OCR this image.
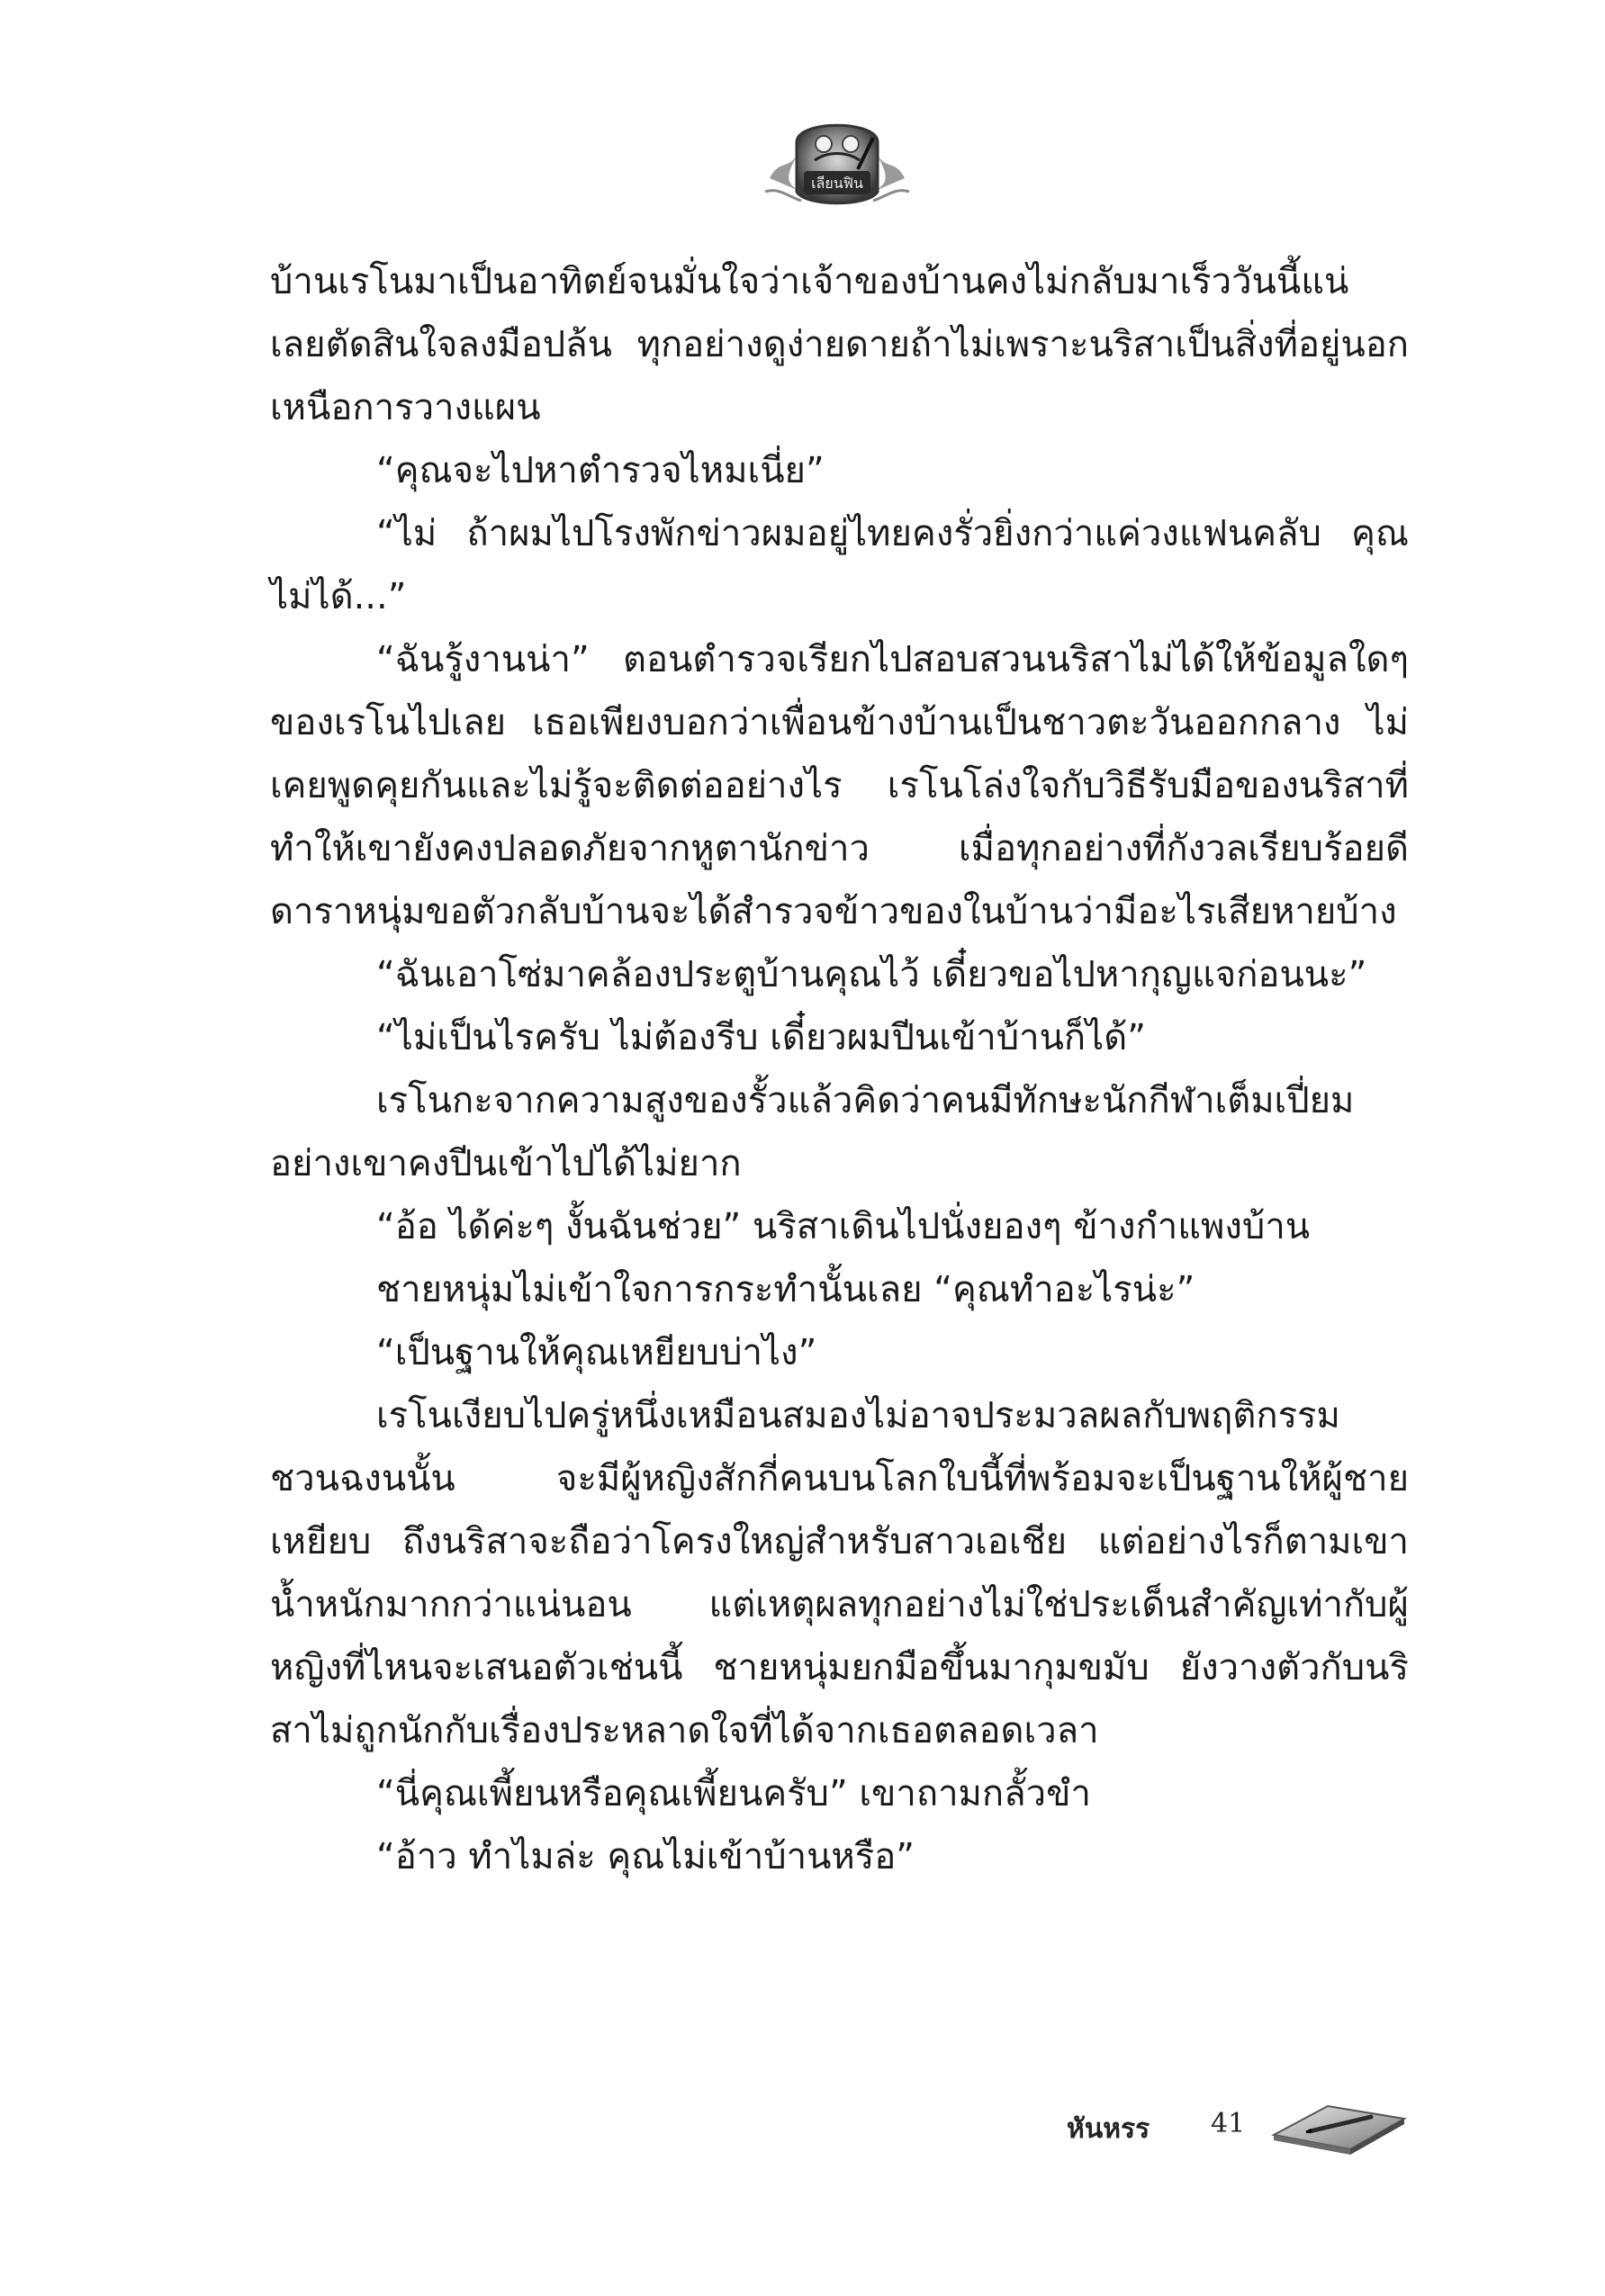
เลียนฟิน

บ้านเรโนมาเป็นอาทิตย์จนมั่นใจว่าเจ้าของบ้านคงไม่กลับมาเร็ววันนี้แน่ เลยตัดสินใจลงมือปล้น ทุกอย่างดูง่ายดายถ้าไม่เพราะนริสาเป็นสิ่งที่อยู่นอกเหนือการวางแผน

“คุณจะไปหาตำรวจไหมเนี่ย”

“ไม่ ถ้าผมไปโรงพักข่าวผมอยู่ไทยคงรั่วยิ่งกว่าแค่วงแฟนคลับ คุณไม่ได้...”

“ฉันรู้งานน่า” ตอนตำรวจเรียกไปสอบสวนนริสาไม่ได้ให้ข้อมูลใดๆ ของเรโนไปเลย เธอเพียงบอกว่าเพื่อนข้างบ้านเป็นชาวตะวันออกกลาง ไม่เคยพูดคุยกันและไม่รู้จะติดต่ออย่างไร เรโนโล่งใจกับวิธีรับมือของนริสาที่ทำให้เขายังคงปลอดภัยจากหูตานักข่าว เมื่อทุกอย่างที่กังวลเรียบร้อยดี ดาราหนุ่มขอตัวกลับบ้านจะได้สำรวจข้าวของในบ้านว่ามีอะไรเสียหายบ้าง

“ฉันเอาโซ่มาคล้องประตูบ้านคุณไว้ เดี๋ยวขอไปหากุญแจก่อนนะ”

“ไม่เป็นไรครับ ไม่ต้องรีบ เดี๋ยวผมปีนเข้าบ้านก็ได้”

เรโนกะจากความสูงของรั้วแล้วคิดว่าคนมีทักษะนักกีฬาเต็มเปี่ยมอย่างเขาคงปีนเข้าไปได้ไม่ยาก

“อ้อ ได้ค่ะๆ งั้นฉันช่วย” นริสาเดินไปนั่งยองๆ ข้างกำแพงบ้าน

ชายหนุ่มไม่เข้าใจการกระทำนั้นเลย “คุณทำอะไรน่ะ”

“เป็นฐานให้คุณเหยียบบ่าไง”

เรโนเงียบไปครู่หนึ่งเหมือนสมองไม่อาจประมวลผลกับพฤติกรรมชวนฉงนนั้น จะมีผู้หญิงสักกี่คนบนโลกใบนี้ที่พร้อมจะเป็นฐานให้ผู้ชายเหยียบ ถึงนริสาจะถือว่าโครงใหญ่สำหรับสาวเอเชีย แต่อย่างไรก็ตามเขาน้ำหนักมากกว่าแน่นอน แต่เหตุผลทุกอย่างไม่ใช่ประเด็นสำคัญเท่ากับผู้หญิงที่ไหนจะเสนอตัวเช่นนี้ ชายหนุ่มยกมือขึ้นมากุมขมับ ยังวางตัวกับนริสาไม่ถูกนักกับเรื่องประหลาดใจที่ได้จากเธอตลอดเวลา

“นี่คุณเพี้ยนหรือคุณเพี้ยนครับ” เขาถามกลั้วขำ

“อ้าว ทำไมล่ะ คุณไม่เข้าบ้านหรือ”

หันหรร 41
